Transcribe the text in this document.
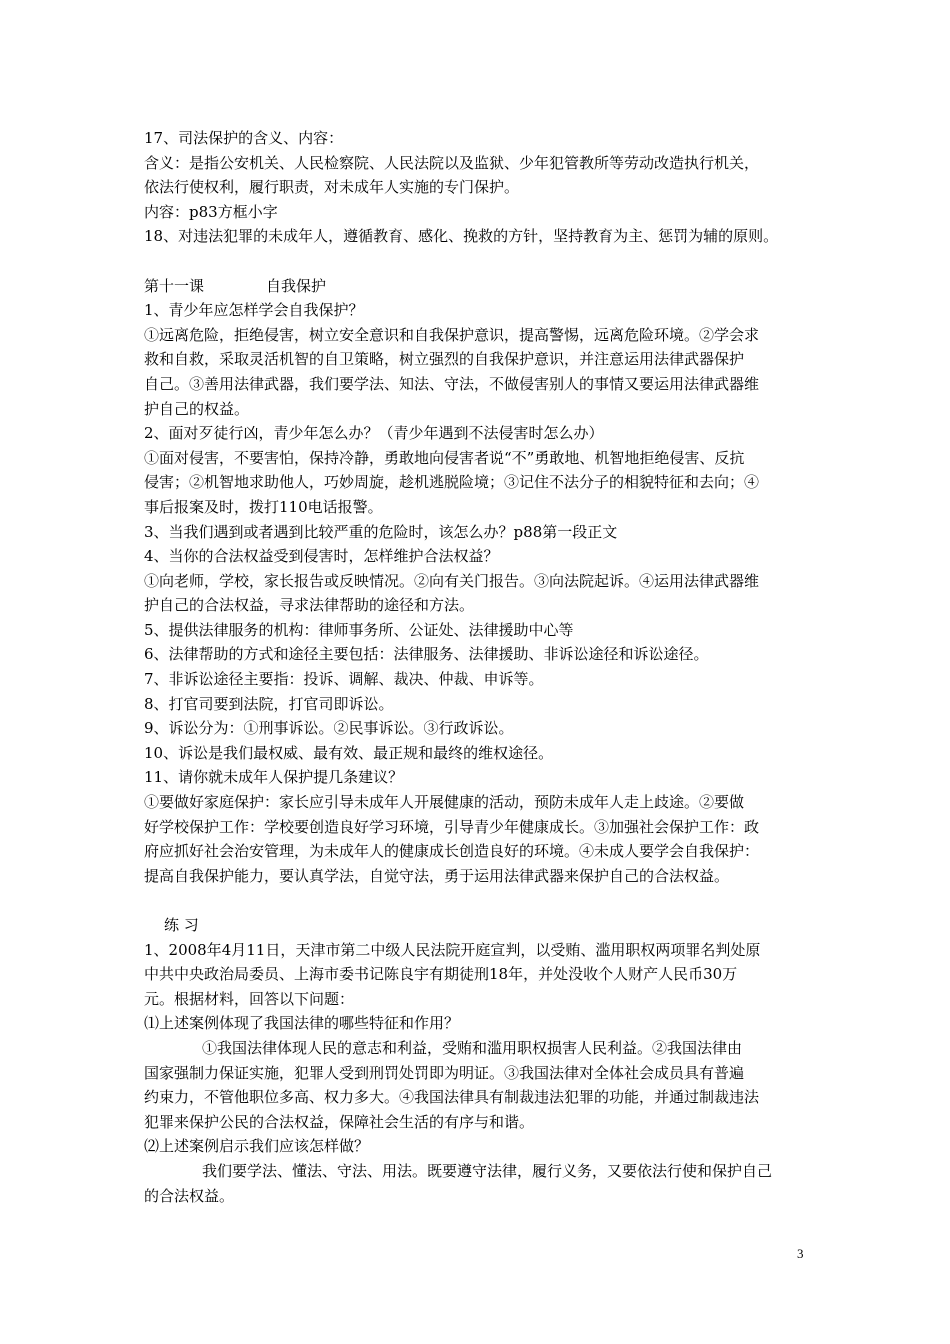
17、司法保护的含义、内容：
含义：是指公安机关、人民检察院、人民法院以及监狱、少年犯管教所等劳动改造执行机关，
依法行使权利，履行职责，对未成年人实施的专门保护。
内容：p83方框小字
18、对违法犯罪的未成年人，遵循教育、感化、挽救的方针，坚持教育为主、惩罚为辅的原则。
第十一课	自我保护
1、青少年应怎样学会自我保护？
①远离危险，拒绝侵害，树立安全意识和自我保护意识，提高警惕，远离危险环境。②学会求
救和自救，采取灵活机智的自卫策略，树立强烈的自我保护意识，并注意运用法律武器保护
自己。③善用法律武器，我们要学法、知法、守法，不做侵害别人的事情又要运用法律武器维
护自己的权益。
2、面对歹徒行凶，青少年怎么办？（青少年遇到不法侵害时怎么办）
①面对侵害，不要害怕，保持冷静，勇敢地向侵害者说“不”勇敢地、机智地拒绝侵害、反抗
侵害；②机智地求助他人，巧妙周旋，趁机逃脱险境；③记住不法分子的相貌特征和去向；④
事后报案及时，拨打110电话报警。
3、当我们遇到或者遇到比较严重的危险时，该怎么办？p88第一段正文
4、当你的合法权益受到侵害时，怎样维护合法权益？
①向老师，学校，家长报告或反映情况。②向有关门报告。③向法院起诉。④运用法律武器维
护自己的合法权益，寻求法律帮助的途径和方法。
5、提供法律服务的机构：律师事务所、公证处、法律援助中心等
6、法律帮助的方式和途径主要包括：法律服务、法律援助、非诉讼途径和诉讼途径。
7、非诉讼途径主要指：投诉、调解、裁决、仲裁、申诉等。
8、打官司要到法院，打官司即诉讼。
9、诉讼分为：①刑事诉讼。②民事诉讼。③行政诉讼。
10、诉讼是我们最权威、最有效、最正规和最终的维权途径。
11、请你就未成年人保护提几条建议？
①要做好家庭保护：家长应引导未成年人开展健康的活动，预防未成年人走上歧途。②要做
好学校保护工作：学校要创造良好学习环境，引导青少年健康成长。③加强社会保护工作：政
府应抓好社会治安管理，为未成年人的健康成长创造良好的环境。④未成人要学会自我保护：
提高自我保护能力，要认真学法，自觉守法，勇于运用法律武器来保护自己的合法权益。
练 习
1、2008年4月11日，天津市第二中级人民法院开庭宣判，以受贿、滥用职权两项罪名判处原
中共中央政治局委员、上海市委书记陈良宇有期徒刑18年，并处没收个人财产人民币30万
元。根据材料，回答以下问题：
⑴上述案例体现了我国法律的哪些特征和作用？
①我国法律体现人民的意志和利益，受贿和滥用职权损害人民利益。②我国法律由
国家强制力保证实施，犯罪人受到刑罚处罚即为明证。③我国法律对全体社会成员具有普遍
约束力，不管他职位多高、权力多大。④我国法律具有制裁违法犯罪的功能，并通过制裁违法
犯罪来保护公民的合法权益，保障社会生活的有序与和谐。
⑵上述案例启示我们应该怎样做？
我们要学法、懂法、守法、用法。既要遵守法律，履行义务，又要依法行使和保护自己
的合法权益。
3
